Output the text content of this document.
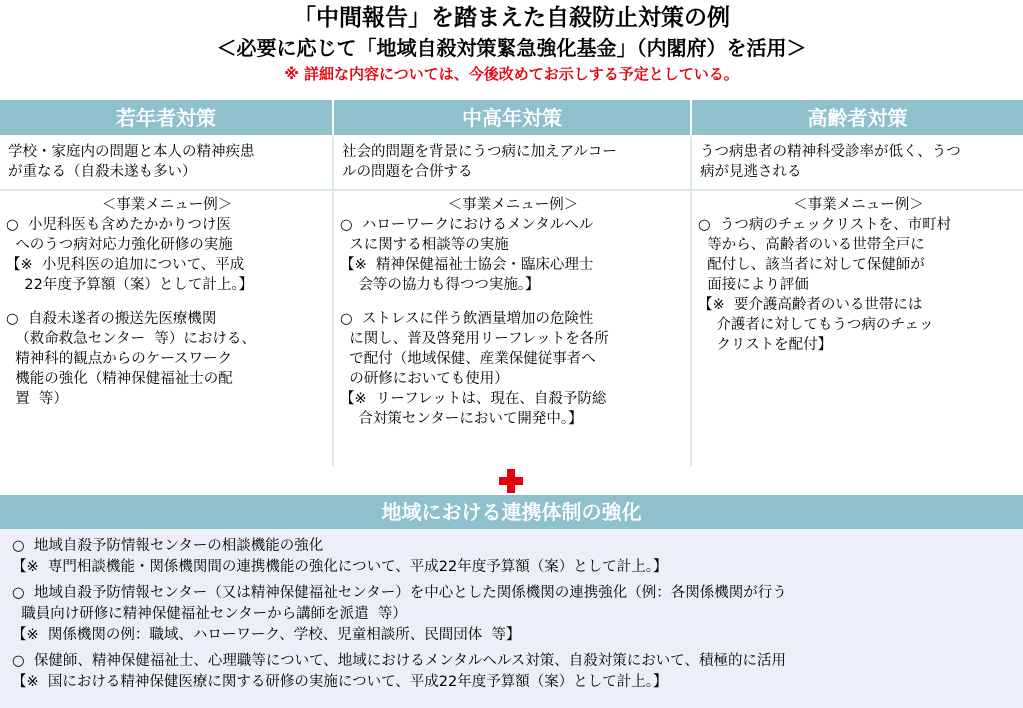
「中間報告」を踏まえた自殺防止対策の例
＜必要に応じて「地域自殺対策緊急強化基金」（内閣府）を活用＞
※ 詳細な内容については、今後改めてお示しする予定としている。
若年者対策	中高年対策	高齢者対策
学校・家庭内の問題と本人の精神疾患
が重なる（自殺未遂も多い）
社会的問題を背景にうつ病に加えアルコー
ルの問題を合併する
うつ病患者の精神科受診率が低く、うつ
病が見逃される
＜事業メニュー例＞
○  小児科医も含めたかかりつけ医
へのうつ病対応力強化研修の実施
【※  小児科医の追加について、平成
22年度予算額（案）として計上。】
○  自殺未遂者の搬送先医療機関
（救命救急センター  等）における、
精神科的観点からのケースワーク
機能の強化（精神保健福祉士の配
置  等）
＜事業メニュー例＞
○  ハローワークにおけるメンタルヘル
スに関する相談等の実施
【※  精神保健福祉士協会・臨床心理士
会等の協力も得つつ実施。】
○  ストレスに伴う飲酒量増加の危険性
に関し、普及啓発用リーフレットを各所
で配付（地域保健、産業保健従事者へ
の研修においても使用）
【※  リーフレットは、現在、自殺予防総
合対策センターにおいて開発中。】
＜事業メニュー例＞
○  うつ病のチェックリストを、市町村
等から、高齢者のいる世帯全戸に
配付し、該当者に対して保健師が
面接により評価
【※  要介護高齢者のいる世帯には
介護者に対してもうつ病のチェッ
クリストを配付】
地域における連携体制の強化
○  地域自殺予防情報センターの相談機能の強化
【※  専門相談機能・関係機関間の連携機能の強化について、平成22年度予算額（案）として計上。】
○  地域自殺予防情報センター（又は精神保健福祉センター）を中心とした関係機関の連携強化（例：各関係機関が行う
職員向け研修に精神保健福祉センターから講師を派遣  等）
【※  関係機関の例：職域、ハローワーク、学校、児童相談所、民間団体  等】
○  保健師、精神保健福祉士、心理職等について、地域におけるメンタルヘルス対策、自殺対策において、積極的に活用
【※  国における精神保健医療に関する研修の実施について、平成22年度予算額（案）として計上。】
